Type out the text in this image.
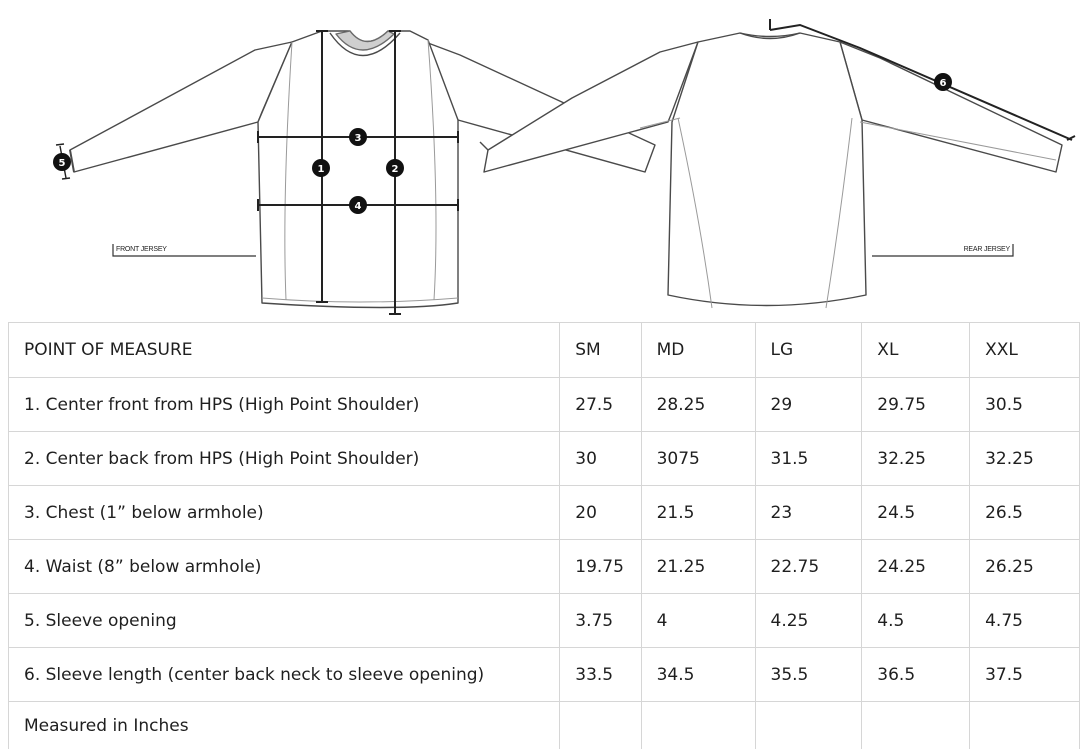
1	2
3
4
5
6
FRONT JERSEY	REAR JERSEY
POINT OF MEASURE	SM	MD	LG	XL	XXL
1. Center front from HPS (High Point Shoulder)	27.5	28.25	29	29.75	30.5
2. Center back from HPS (High Point Shoulder)	30	3075	31.5	32.25	32.25
3. Chest (1” below armhole)	20	21.5	23	24.5	26.5
4. Waist (8” below armhole)	19.75	21.25	22.75	24.25	26.25
5. Sleeve opening	3.75	4	4.25	4.5	4.75
6. Sleeve length (center back neck to sleeve opening)	33.5	34.5	35.5	36.5	37.5
Measured in Inches					
